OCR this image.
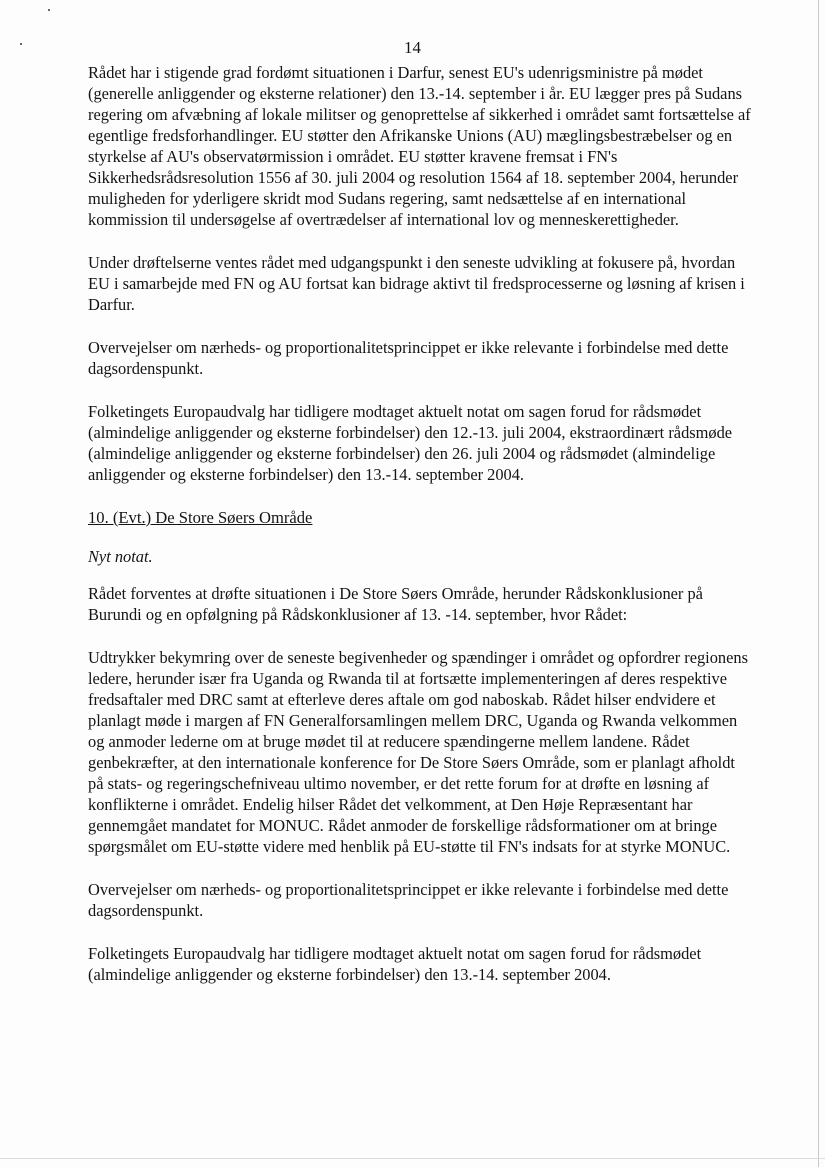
14

Rådet har i stigende grad fordømt situationen i Darfur, senest EU's udenrigsministre på mødet (generelle anliggender og eksterne relationer) den 13.-14. september i år. EU lægger pres på Sudans regering om afvæbning af lokale militser og genoprettelse af sikkerhed i området samt fortsættelse af egentlige fredsforhandlinger. EU støtter den Afrikanske Unions (AU) mæglingsbestræbelser og en styrkelse af AU's observatørmission i området. EU støtter kravene fremsat i FN's Sikkerhedsrådsresolution 1556 af 30. juli 2004 og resolution 1564 af 18. september 2004, herunder muligheden for yderligere skridt mod Sudans regering, samt nedsættelse af en international kommission til undersøgelse af overtrædelser af international lov og menneskerettigheder.

Under drøftelserne ventes rådet med udgangspunkt i den seneste udvikling at fokusere på, hvordan EU i samarbejde med FN og AU fortsat kan bidrage aktivt til fredsprocesserne og løsning af krisen i Darfur.

Overvejelser om nærheds- og proportionalitetsprincippet er ikke relevante i forbindelse med dette dagsordenspunkt.

Folketingets Europaudvalg har tidligere modtaget aktuelt notat om sagen forud for rådsmødet (almindelige anliggender og eksterne forbindelser) den 12.-13. juli 2004, ekstraordinært rådsmøde (almindelige anliggender og eksterne forbindelser) den 26. juli 2004 og rådsmødet (almindelige anliggender og eksterne forbindelser) den 13.-14. september 2004.

10. (Evt.) De Store Søers Område
Nyt notat.

Rådet forventes at drøfte situationen i De Store Søers Område, herunder Rådskonklusioner på Burundi og en opfølgning på Rådskonklusioner af 13. -14. september, hvor Rådet:

Udtrykker bekymring over de seneste begivenheder og spændinger i området og opfordrer regionens ledere, herunder især fra Uganda og Rwanda til at fortsætte implementeringen af deres respektive fredsaftaler med DRC samt at efterleve deres aftale om god naboskab. Rådet hilser endvidere et planlagt møde i margen af FN Generalforsamlingen mellem DRC, Uganda og Rwanda velkommen og anmoder lederne om at bruge mødet til at reducere spændingerne mellem landene. Rådet genbekræfter, at den internationale konference for De Store Søers Område, som er planlagt afholdt på stats- og regeringschefniveau ultimo november, er det rette forum for at drøfte en løsning af konflikterne i området. Endelig hilser Rådet det velkomment, at Den Høje Repræsentant har gennemgået mandatet for MONUC. Rådet anmoder de forskellige rådsformationer om at bringe spørgsmålet om EU-støtte videre med henblik på EU-støtte til FN's indsats for at styrke MONUC.

Overvejelser om nærheds- og proportionalitetsprincippet er ikke relevante i forbindelse med dette dagsordenspunkt.

Folketingets Europaudvalg har tidligere modtaget aktuelt notat om sagen forud for rådsmødet (almindelige anliggender og eksterne forbindelser) den 13.-14. september 2004.
